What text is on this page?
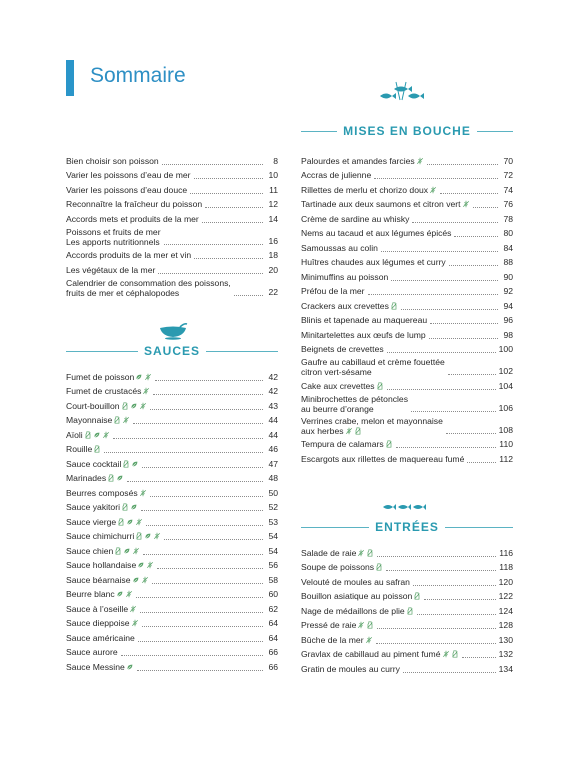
Sommaire
Bien choisir son poisson	8
Varier les poissons d’eau de mer	10
Varier les poissons d’eau douce	11
Reconnaître la fraîcheur du poisson	12
Accords mets et produits de la mer	14
Poissons et fruits de mer
Les apports nutritionnels	16
Accords produits de la mer et vin	18
Les végétaux de la mer	20
Calendrier de consommation des poissons,
fruits de mer et céphalopodes	22
SAUCES
Fumet de poisson	42
Fumet de crustacés	42
Court-bouillon	43
Mayonnaise	44
Aïoli	44
Rouille	46
Sauce cocktail	47
Marinades	48
Beurres composés	50
Sauce yakitori	52
Sauce vierge	53
Sauce chimichurri	54
Sauce chien	54
Sauce hollandaise	56
Sauce béarnaise	58
Beurre blanc	60
Sauce à l’oseille	62
Sauce dieppoise	64
Sauce américaine	64
Sauce aurore	66
Sauce Messine	66
MISES EN BOUCHE
Palourdes et amandes farcies	70
Accras de julienne	72
Rillettes de merlu et chorizo doux	74
Tartinade aux deux saumons et citron vert	76
Crème de sardine au whisky	78
Nems au tacaud et aux légumes épicés	80
Samoussas au colin	84
Huîtres chaudes aux légumes et curry	88
Minimuffins au poisson	90
Préfou de la mer	92
Crackers aux crevettes	94
Blinis et tapenade au maquereau	96
Minitartelettes aux œufs de lump	98
Beignets de crevettes	100
Gaufre au cabillaud et crème fouettée
citron vert-sésame	102
Cake aux crevettes	104
Minibrochettes de pétoncles
au beurre d’orange	106
Verrines crabe, melon et mayonnaise
aux herbes	108
Tempura de calamars	110
Escargots aux rillettes de maquereau fumé	112
ENTRÉES
Salade de raie	116
Soupe de poissons	118
Velouté de moules au safran	120
Bouillon asiatique au poisson	122
Nage de médaillons de plie	124
Pressé de raie	128
Bûche de la mer	130
Gravlax de cabillaud au piment fumé	132
Gratin de moules au curry	134
